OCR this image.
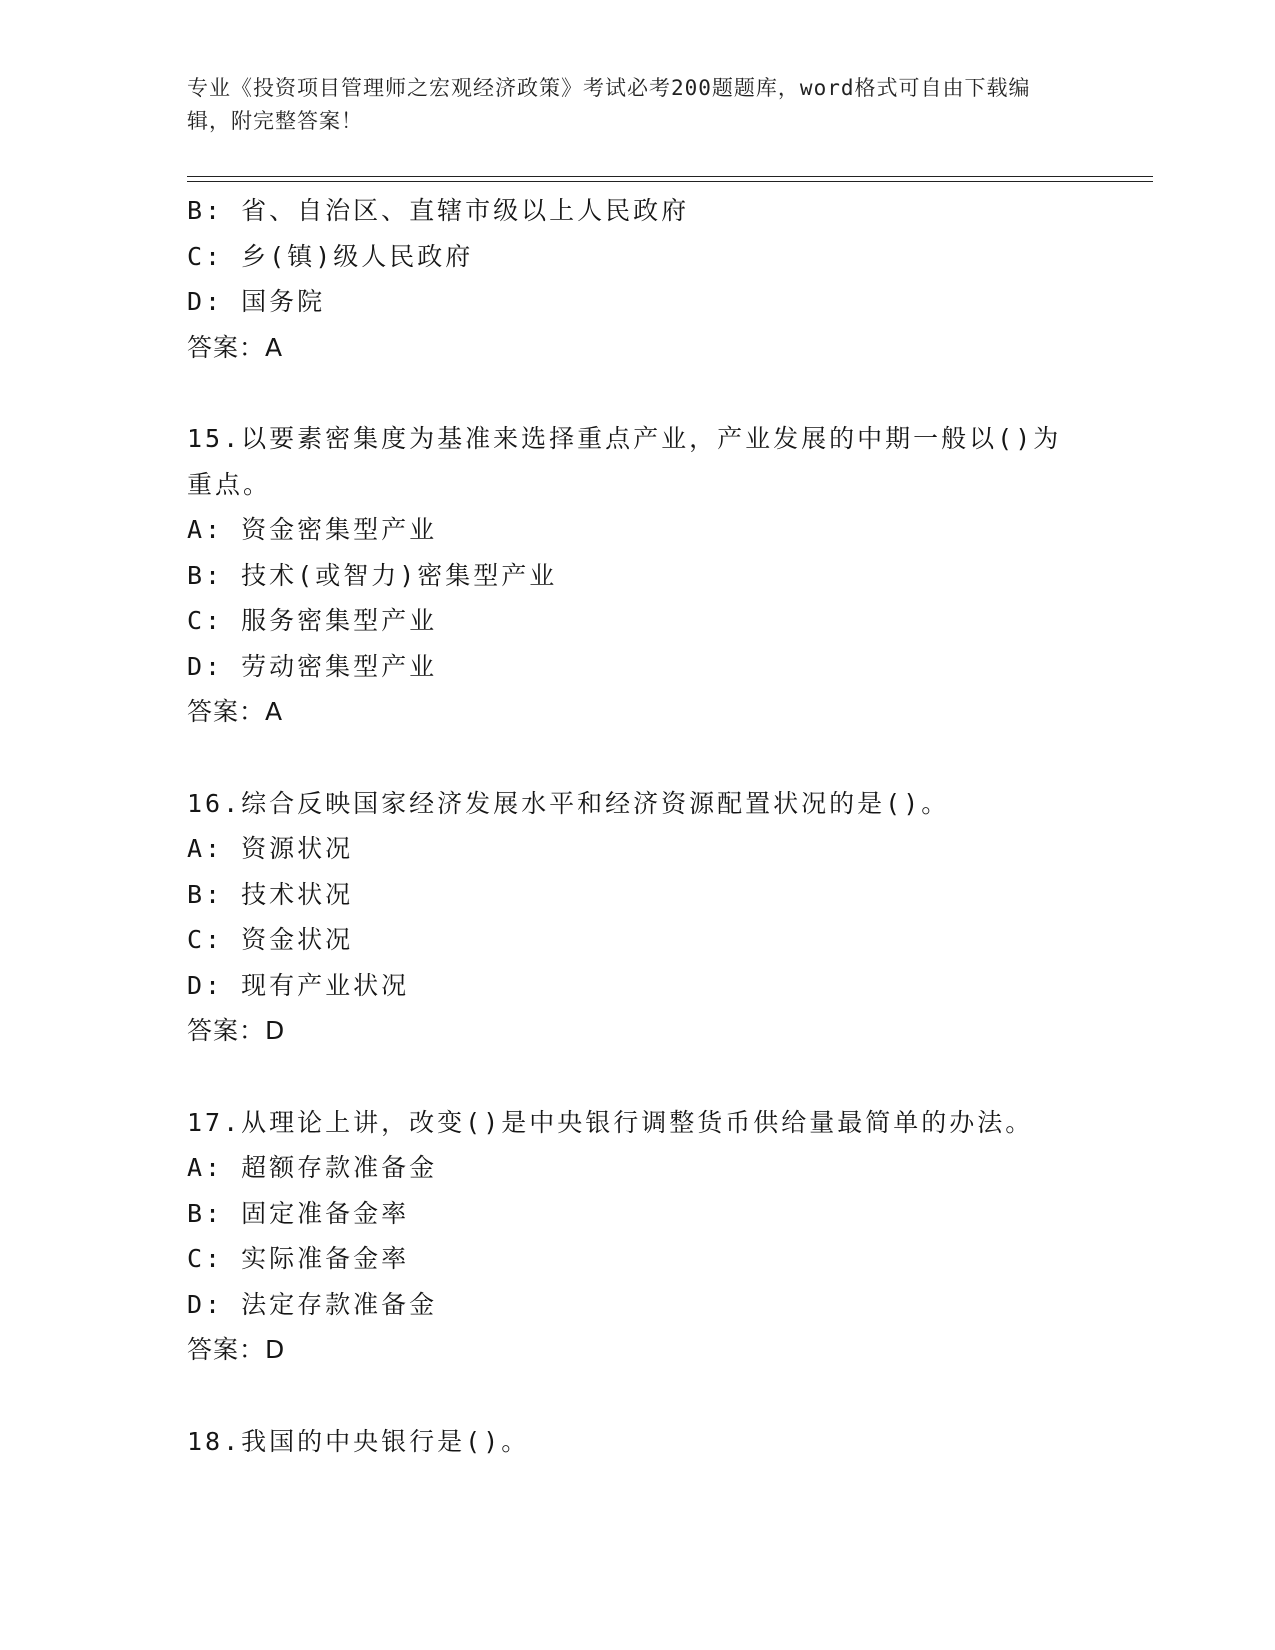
专业《投资项目管理师之宏观经济政策》考试必考200题题库，word格式可自由下载编辑，附完整答案！
B: 省、自治区、直辖市级以上人民政府
C: 乡(镇)级人民政府
D: 国务院
答案：A
15.以要素密集度为基准来选择重点产业，产业发展的中期一般以()为重点。
A: 资金密集型产业
B: 技术(或智力)密集型产业
C: 服务密集型产业
D: 劳动密集型产业
答案：A
16.综合反映国家经济发展水平和经济资源配置状况的是()。
A: 资源状况
B: 技术状况
C: 资金状况
D: 现有产业状况
答案：D
17.从理论上讲，改变()是中央银行调整货币供给量最简单的办法。
A: 超额存款准备金
B: 固定准备金率
C: 实际准备金率
D: 法定存款准备金
答案：D
18.我国的中央银行是()。
